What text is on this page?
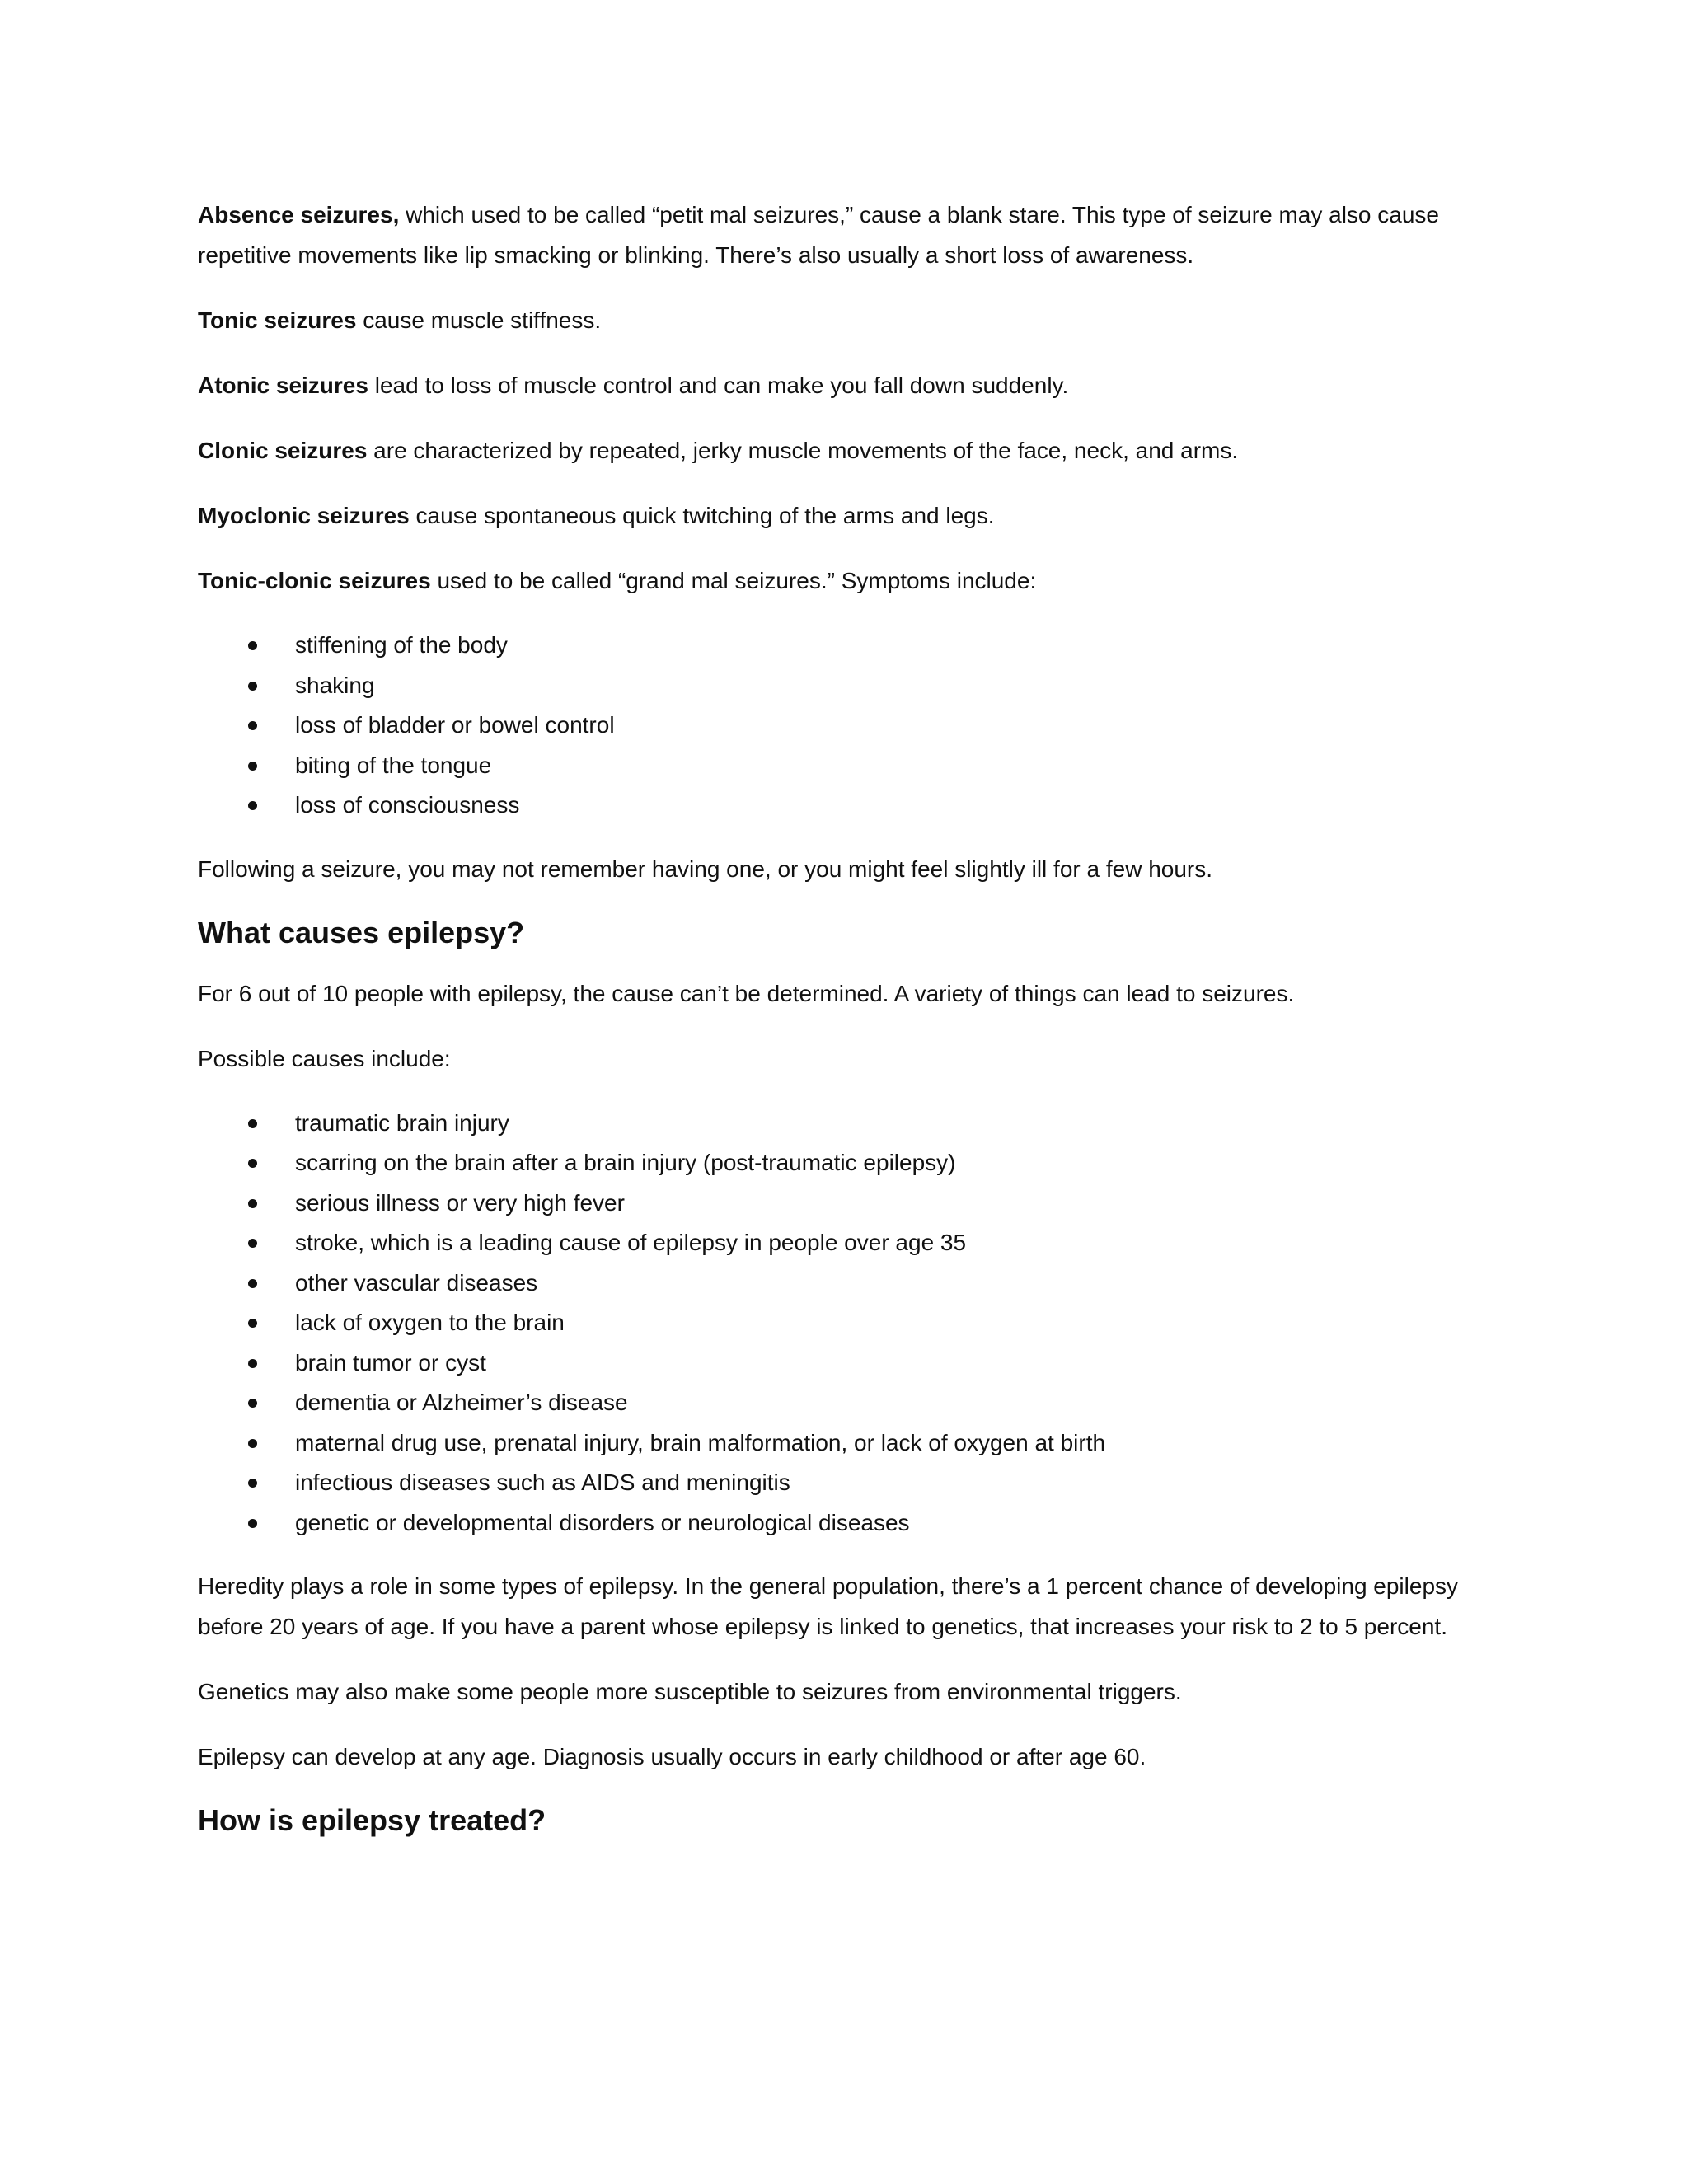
Absence seizures, which used to be called “petit mal seizures,” cause a blank stare. This type of seizure may also cause repetitive movements like lip smacking or blinking. There’s also usually a short loss of awareness.

Tonic seizures cause muscle stiffness.

Atonic seizures lead to loss of muscle control and can make you fall down suddenly.

Clonic seizures are characterized by repeated, jerky muscle movements of the face, neck, and arms.

Myoclonic seizures cause spontaneous quick twitching of the arms and legs.

Tonic-clonic seizures used to be called “grand mal seizures.” Symptoms include:

stiffening of the body
shaking
loss of bladder or bowel control
biting of the tongue
loss of consciousness

Following a seizure, you may not remember having one, or you might feel slightly ill for a few hours.

What causes epilepsy?

For 6 out of 10 people with epilepsy, the cause can’t be determined. A variety of things can lead to seizures.

Possible causes include:

traumatic brain injury
scarring on the brain after a brain injury (post-traumatic epilepsy)
serious illness or very high fever
stroke, which is a leading cause of epilepsy in people over age 35
other vascular diseases
lack of oxygen to the brain
brain tumor or cyst
dementia or Alzheimer’s disease
maternal drug use, prenatal injury, brain malformation, or lack of oxygen at birth
infectious diseases such as AIDS and meningitis
genetic or developmental disorders or neurological diseases

Heredity plays a role in some types of epilepsy. In the general population, there’s a 1 percent chance of developing epilepsy before 20 years of age. If you have a parent whose epilepsy is linked to genetics, that increases your risk to 2 to 5 percent.

Genetics may also make some people more susceptible to seizures from environmental triggers.

Epilepsy can develop at any age. Diagnosis usually occurs in early childhood or after age 60.

How is epilepsy treated?
